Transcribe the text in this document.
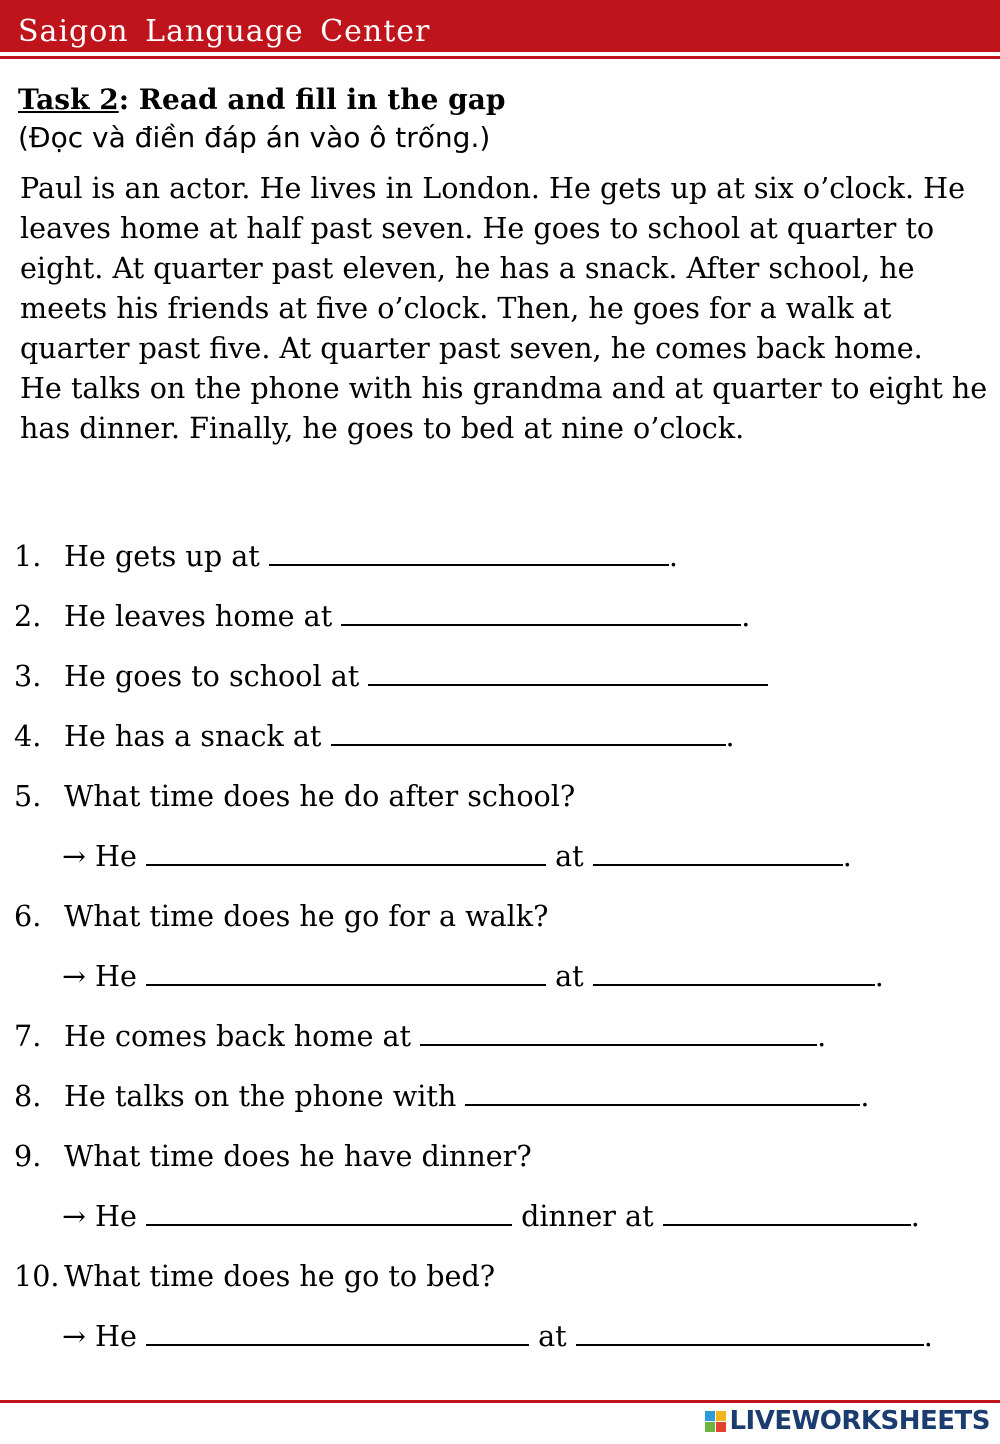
Saigon Language Center
Task 2: Read and fill in the gap
(Đọc và điền đáp án vào ô trống.)

Paul is an actor. He lives in London. He gets up at six o’clock. He leaves home at half past seven. He goes to school at quarter to eight. At quarter past eleven, he has a snack. After school, he meets his friends at five o’clock. Then, he goes for a walk at quarter past five. At quarter past seven, he comes back home.

He talks on the phone with his grandma and at quarter to eight he has dinner. Finally, he goes to bed at nine o’clock.

1. He gets up at	.
2. He leaves home at	.
3. He goes to school at
4. He has a snack at	.
5. What time does he do after school?
→ He	at	.
6. What time does he go for a walk?
→ He	at	.
7. He comes back home at	.
8. He talks on the phone with	.
9. What time does he have dinner?
→ He	dinner at	.
10. What time does he go to bed?
→ He	at	.
LIVEWORKSHEETS
